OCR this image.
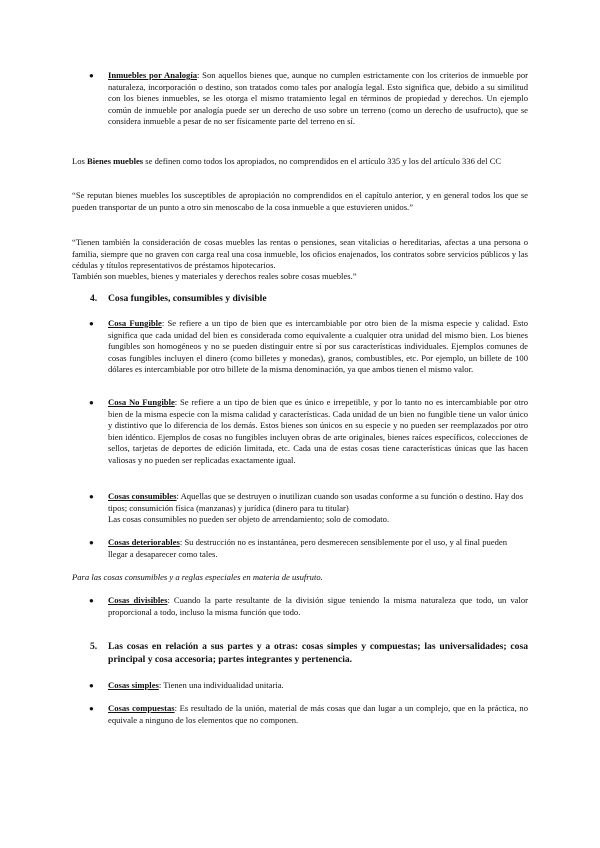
● Inmuebles por Analogía: Son aquellos bienes que, aunque no cumplen estrictamente con los criterios de inmueble por naturaleza, incorporación o destino, son tratados como tales por analogía legal. Esto significa que, debido a su similitud con los bienes inmuebles, se les otorga el mismo tratamiento legal en términos de propiedad y derechos. Un ejemplo común de inmueble por analogía puede ser un derecho de uso sobre un terreno (como un derecho de usufructo), que se considera inmueble a pesar de no ser físicamente parte del terreno en sí.

Los Bienes muebles se definen como todos los apropiados, no comprendidos en el artículo 335 y los del artículo 336 del CC

“Se reputan bienes muebles los susceptibles de apropiación no comprendidos en el capítulo anterior, y en general todos los que se pueden transportar de un punto a otro sin menoscabo de la cosa inmueble a que estuvieren unidos.”

“Tienen también la consideración de cosas muebles las rentas o pensiones, sean vitalicias o hereditarias, afectas a una persona o familia, siempre que no graven con carga real una cosa inmueble, los oficios enajenados, los contratos sobre servicios públicos y las cédulas y títulos representativos de préstamos hipotecarios.

También son muebles, bienes y materiales y derechos reales sobre cosas muebles.”

4. Cosa fungibles, consumibles y divisible
● Cosa Fungible: Se refiere a un tipo de bien que es intercambiable por otro bien de la misma especie y calidad. Esto significa que cada unidad del bien es considerada como equivalente a cualquier otra unidad del mismo bien. Los bienes fungibles son homogéneos y no se pueden distinguir entre sí por sus características individuales. Ejemplos comunes de cosas fungibles incluyen el dinero (como billetes y monedas), granos, combustibles, etc. Por ejemplo, un billete de 100 dólares es intercambiable por otro billete de la misma denominación, ya que ambos tienen el mismo valor.

● Cosa No Fungible: Se refiere a un tipo de bien que es único e irrepetible, y por lo tanto no es intercambiable por otro bien de la misma especie con la misma calidad y características. Cada unidad de un bien no fungible tiene un valor único y distintivo que lo diferencia de los demás. Estos bienes son únicos en su especie y no pueden ser reemplazados por otro bien idéntico. Ejemplos de cosas no fungibles incluyen obras de arte originales, bienes raíces específicos, colecciones de sellos, tarjetas de deportes de edición limitada, etc. Cada una de estas cosas tiene características únicas que las hacen valiosas y no pueden ser replicadas exactamente igual.

● Cosas consumibles: Aquellas que se destruyen o inutilizan cuando son usadas conforme a su función o destino. Hay dos tipos; consumición física (manzanas) y jurídica (dinero para tu titular)
Las cosas consumibles no pueden ser objeto de arrendamiento; solo de comodato.

● Cosas deteriorables: Su destrucción no es instantánea, pero desmerecen sensiblemente por el uso, y al final pueden llegar a desaparecer como tales.

Para las cosas consumibles y a reglas especiales en materia de usufruto.

● Cosas divisibles: Cuando la parte resultante de la división sigue teniendo la misma naturaleza que todo, un valor proporcional a todo, incluso la misma función que todo.

5. Las cosas en relación a sus partes y a otras: cosas simples y compuestas; las universalidades; cosa principal y cosa accesoria; partes integrantes y pertenencia.

● Cosas simples: Tienen una individualidad unitaria.

● Cosas compuestas: Es resultado de la unión, material de más cosas que dan lugar a un complejo, que en la práctica, no equivale a ninguno de los elementos que no componen.
